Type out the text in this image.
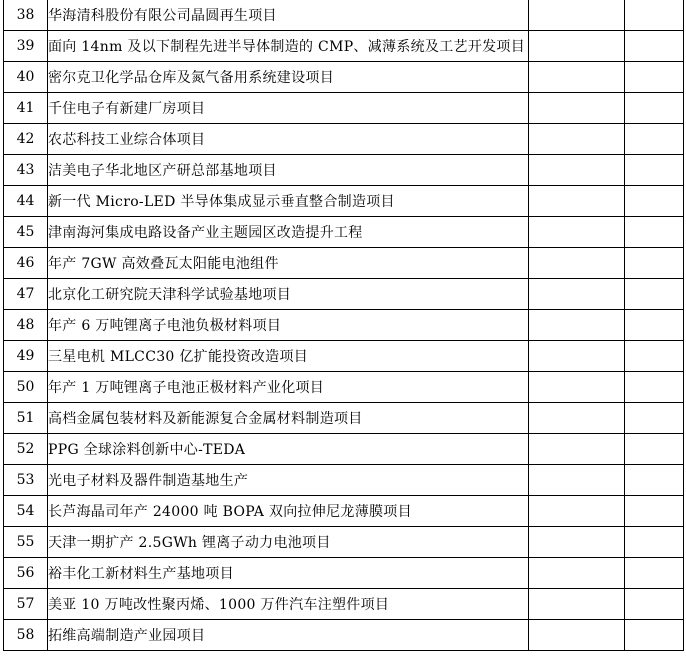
38	华海清科股份有限公司晶圆再生项目		
39	面向 14nm 及以下制程先进半导体制造的 CMP、减薄系统及工艺开发项目		
40	密尔克卫化学品仓库及氮气备用系统建设项目		
41	千住电子有新建厂房项目		
42	农芯科技工业综合体项目		
43	洁美电子华北地区产研总部基地项目		
44	新一代 Micro-LED 半导体集成显示垂直整合制造项目		
45	津南海河集成电路设备产业主题园区改造提升工程		
46	年产 7GW 高效叠瓦太阳能电池组件		
47	北京化工研究院天津科学试验基地项目		
48	年产 6 万吨锂离子电池负极材料项目		
49	三星电机 MLCC30 亿扩能投资改造项目		
50	年产 1 万吨锂离子电池正极材料产业化项目		
51	高档金属包装材料及新能源复合金属材料制造项目		
52	PPG 全球涂料创新中心-TEDA		
53	光电子材料及器件制造基地生产		
54	长芦海晶司年产 24000 吨 BOPA 双向拉伸尼龙薄膜项目		
55	天津一期扩产 2.5GWh 锂离子动力电池项目		
56	裕丰化工新材料生产基地项目		
57	美亚 10 万吨改性聚丙烯、1000 万件汽车注塑件项目		
58	拓维高端制造产业园项目		
